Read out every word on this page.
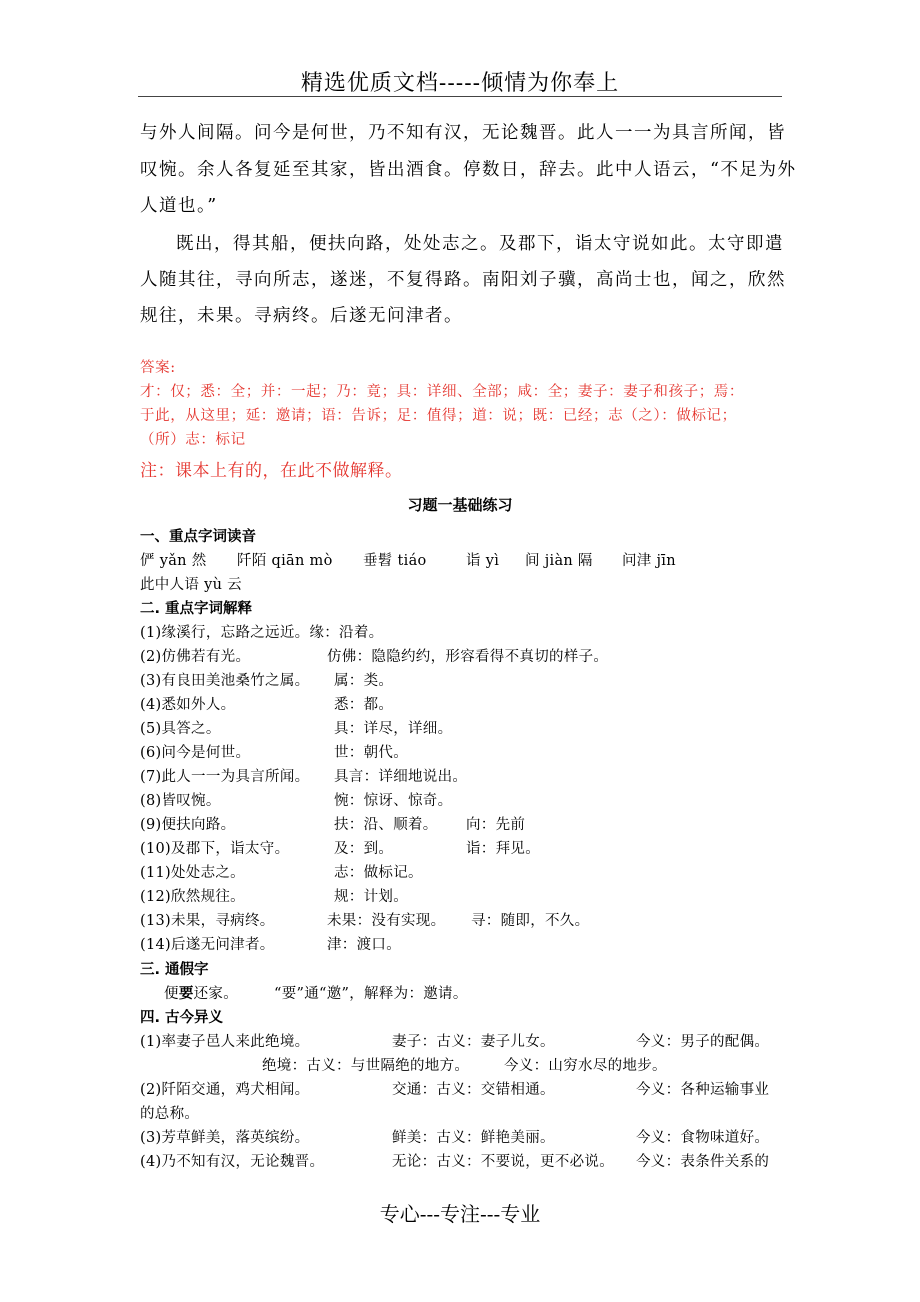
精选优质文档-----倾情为你奉上
与外人间隔。问今是何世，乃不知有汉，无论魏晋。此人一一为具言所闻，皆
叹惋。余人各复延至其家，皆出酒食。停数日，辞去。此中人语云，“不足为外
人道也。”
既出，得其船，便扶向路，处处志之。及郡下，诣太守说如此。太守即遣
人随其往，寻向所志，遂迷，不复得路。南阳刘子骥，高尚士也，闻之，欣然
规往，未果。寻病终。后遂无问津者。
答案:
才：仅；悉：全；并：一起；乃：竟；具：详细、全部；咸：全；妻子：妻子和孩子；焉：
于此，从这里；延：邀请；语：告诉；足：值得；道：说；既：已经；志（之）：做标记；
（所）志：标记
注：课本上有的，在此不做解释。
习题一基础练习
一、重点字词读音
俨 yǎn 然 阡陌 qiān mò 垂髫 tiáo	诣 yì 间 jiàn 隔 问津 jīn
此中人语 yù 云
二. 重点字词解释
(1)缘溪行，忘路之远近。缘：沿着。
(2)仿佛若有光。	仿佛：隐隐约约，形容看得不真切的样子。
(3)有良田美池桑竹之属。 属：类。
(4)悉如外人。	悉：都。
(5)具答之。	具：详尽，详细。
(6)问今是何世。	世：朝代。
(7)此人一一为具言所闻。 具言：详细地说出。
(8)皆叹惋。	惋：惊讶、惊奇。
(9)便扶向路。	扶：沿、顺着。 向：先前
(10)及郡下，诣太守。	及：到。	诣：拜见。
(11)处处志之。	志：做标记。
(12)欣然规往。	规：计划。
(13)未果，寻病终。	未果：没有实现。 寻：随即，不久。
(14)后遂无问津者。	津：渡口。
三. 通假字
便要还家。 “要”通“邀”，解释为：邀请。
四. 古今异义
(1)率妻子邑人来此绝境。	妻子：古义：妻子儿女。	今义：男子的配偶。
绝境：古义：与世隔绝的地方。 今义：山穷水尽的地步。
(2)阡陌交通，鸡犬相闻。	交通：古义：交错相通。	今义：各种运输事业
的总称。
(3)芳草鲜美，落英缤纷。	鲜美：古义：鲜艳美丽。	今义：食物味道好。
(4)乃不知有汉，无论魏晋。	无论：古义：不要说，更不必说。 今义：表条件关系的
专心---专注---专业
